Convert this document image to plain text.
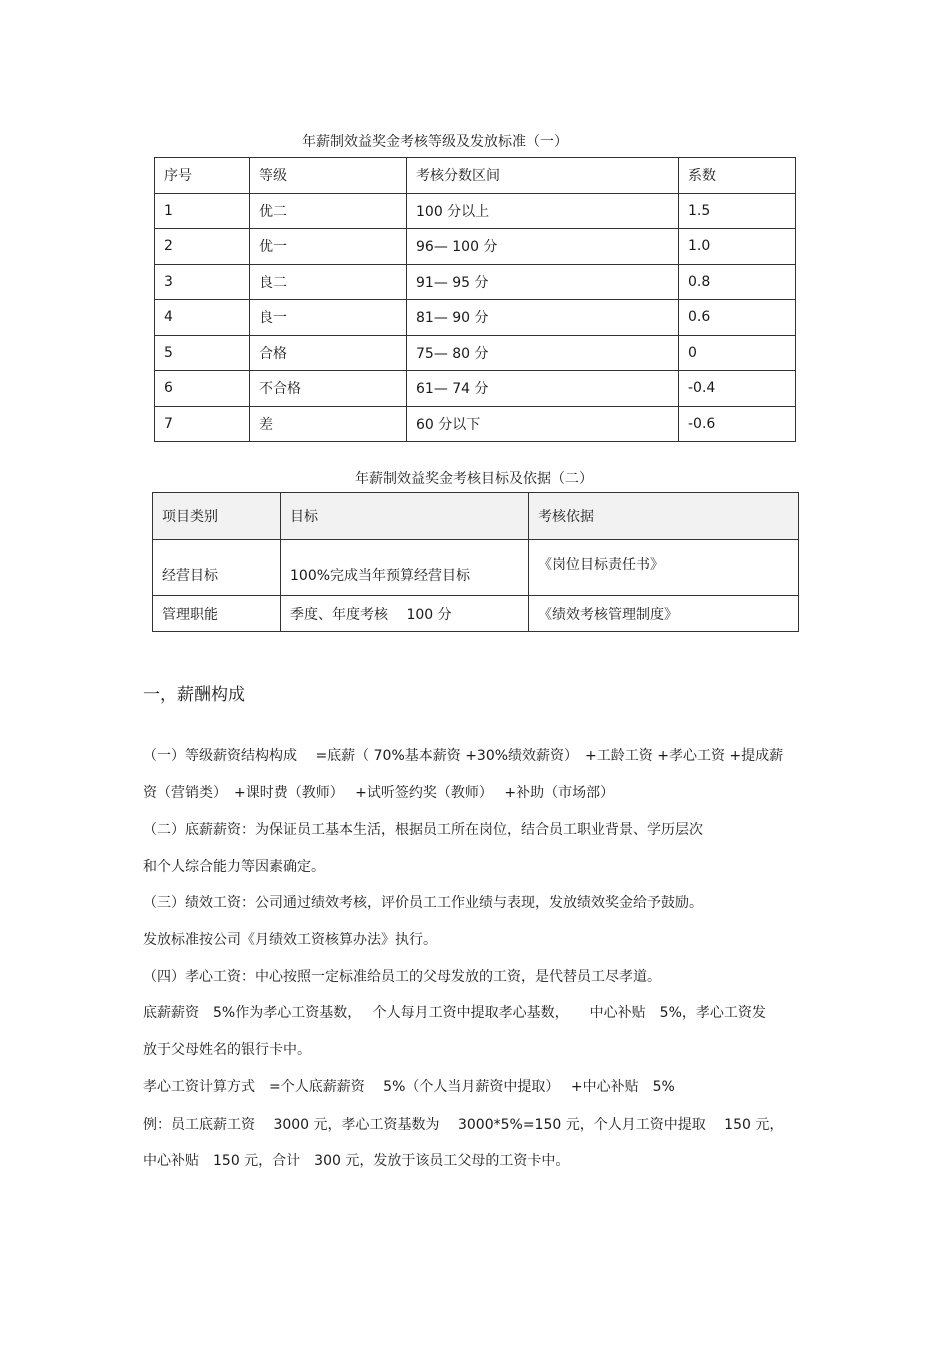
年薪制效益奖金考核等级及发放标准（一）
序号	等级	考核分数区间	系数
1	优二	100 分以上	1.5
2	优一	96— 100 分	1.0
3	良二	91— 95 分	0.8
4	良一	81— 90 分	0.6
5	合格	75— 80 分	0
6	不合格	61— 74 分	-0.4
7	差	60 分以下	-0.6
年薪制效益奖金考核目标及依据（二）
项目类别	目标	考核依据
经营目标	100%完成当年预算经营目标	《岗位目标责任书》
管理职能	季度、年度考核　 100 分	《绩效考核管理制度》
一，薪酬构成
（一）等级薪资结构构成　 =底薪（ 70%基本薪资 +30%绩效薪资）　+工龄工资 +孝心工资 +提成薪
资（营销类）　+课时费（教师）　 +试听签约奖（教师）　 +补助（市场部）
（二）底薪薪资：为保证员工基本生活，根据员工所在岗位，结合员工职业背景、学历层次
和个人综合能力等因素确定。
（三）绩效工资：公司通过绩效考核，评价员工工作业绩与表现，发放绩效奖金给予鼓励。
发放标准按公司《月绩效工资核算办法》执行。
（四）孝心工资：中心按照一定标准给员工的父母发放的工资，是代替员工尽孝道。
底薪薪资　5%作为孝心工资基数，　 个人每月工资中提取孝心基数，　　中心补贴　5%，孝心工资发
放于父母姓名的银行卡中。
孝心工资计算方式　=个人底薪薪资　 5%（个人当月薪资中提取）　 +中心补贴　5%
例：员工底薪工资　 3000 元，孝心工资基数为　 3000*5%=150 元，个人月工资中提取　 150 元，
中心补贴　150 元，合计　300 元，发放于该员工父母的工资卡中。
